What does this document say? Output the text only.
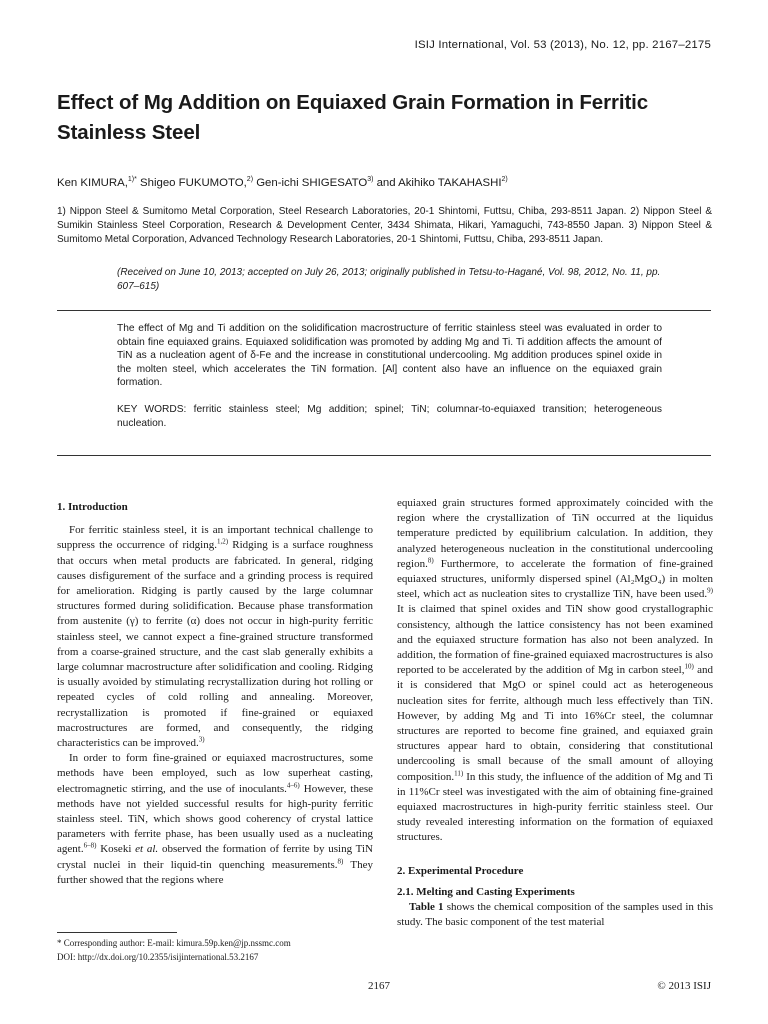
ISIJ International, Vol. 53 (2013), No. 12, pp. 2167–2175
Effect of Mg Addition on Equiaxed Grain Formation in Ferritic Stainless Steel
Ken KIMURA,$^{1)*}$ Shigeo FUKUMOTO,$^{2)}$ Gen-ichi SHIGESATO$^{3)}$ and Akihiko TAKAHASHI$^{2)}$

1) Nippon Steel & Sumitomo Metal Corporation, Steel Research Laboratories, 20-1 Shintomi, Futtsu, Chiba, 293-8511 Japan. 2) Nippon Steel & Sumikin Stainless Steel Corporation, Research & Development Center, 3434 Shimata, Hikari, Yamaguchi, 743-8550 Japan. 3) Nippon Steel & Sumitomo Metal Corporation, Advanced Technology Research Laboratories, 20-1 Shintomi, Futtsu, Chiba, 293-8511 Japan.

(Received on June 10, 2013; accepted on July 26, 2013; originally published in Tetsu-to-Hagané, Vol. 98, 2012, No. 11, pp. 607–615)
The effect of Mg and Ti addition on the solidification macrostructure of ferritic stainless steel was evaluated in order to obtain fine equiaxed grains. Equiaxed solidification was promoted by adding Mg and Ti. Ti addition affects the amount of TiN as a nucleation agent of δ-Fe and the increase in constitutional undercooling. Mg addition produces spinel oxide in the molten steel, which accelerates the TiN formation. [Al] content also have an influence on the equiaxed grain formation.
KEY WORDS: ferritic stainless steel; Mg addition; spinel; TiN; columnar-to-equiaxed transition; heterogeneous nucleation.
1. Introduction

For ferritic stainless steel, it is an important technical challenge to suppress the occurrence of ridging.$^{1,2)}$ Ridging is a surface roughness that occurs when metal products are fabricated. In general, ridging causes disfigurement of the surface and a grinding process is required for amelioration. Ridging is partly caused by the large columnar structures formed during solidification. Because phase transformation from austenite (γ) to ferrite (α) does not occur in high-purity ferritic stainless steel, we cannot expect a fine-grained structure transformed from a coarse-grained structure, and the cast slab generally exhibits a large columnar macrostructure after solidification and cooling. Ridging is usually avoided by stimulating recrystallization during hot rolling or repeated cycles of cold rolling and annealing. Moreover, recrystallization is promoted if fine-grained or equiaxed macrostructures are formed, and consequently, the ridging characteristics can be improved.$^{3)}$

In order to form fine-grained or equiaxed macrostructures, some methods have been employed, such as low superheat casting, electromagnetic stirring, and the use of inoculants.$^{4-6)}$ However, these methods have not yielded successful results for high-purity ferritic stainless steel. TiN, which shows good coherency of crystal lattice parameters with ferrite phase, has been usually used as a nucleating agent.$^{6-8)}$ Koseki et al. observed the formation of ferrite by using TiN crystal nuclei in their liquid-tin quenching measurements.$^{8)}$ They further showed that the regions where

equiaxed grain structures formed approximately coincided with the region where the crystallization of TiN occurred at the liquidus temperature predicted by equilibrium calculation. In addition, they analyzed heterogeneous nucleation in the constitutional undercooling region.$^{8)}$ Furthermore, to accelerate the formation of fine-grained equiaxed structures, uniformly dispersed spinel (Al₂MgO₄) in molten steel, which act as nucleation sites to crystallize TiN, have been used.$^{9)}$ It is claimed that spinel oxides and TiN show good crystallographic consistency, although the lattice consistency has not been examined and the equiaxed structure formation has also not been analyzed. In addition, the formation of fine-grained equiaxed macrostructures is also reported to be accelerated by the addition of Mg in carbon steel,$^{10)}$ and it is considered that MgO or spinel could act as heterogeneous nucleation sites for ferrite, although much less effectively than TiN. However, by adding Mg and Ti into 16%Cr steel, the columnar structures are reported to become fine grained, and equiaxed grain structures appear hard to obtain, considering that constitutional undercooling is small because of the small amount of alloying composition.$^{11)}$ In this study, the influence of the addition of Mg and Ti in 11%Cr steel was investigated with the aim of obtaining fine-grained equiaxed macrostructures in high-purity ferritic stainless steel. Our study revealed interesting information on the formation of equiaxed structures.

2. Experimental Procedure
2.1. Melting and Casting Experiments

Table 1 shows the chemical composition of the samples used in this study. The basic component of the test material

* Corresponding author: E-mail: kimura.59p.ken@jp.nssmc.com
DOI: http://dx.doi.org/10.2355/isijinternational.53.2167
2167	© 2013 ISIJ
